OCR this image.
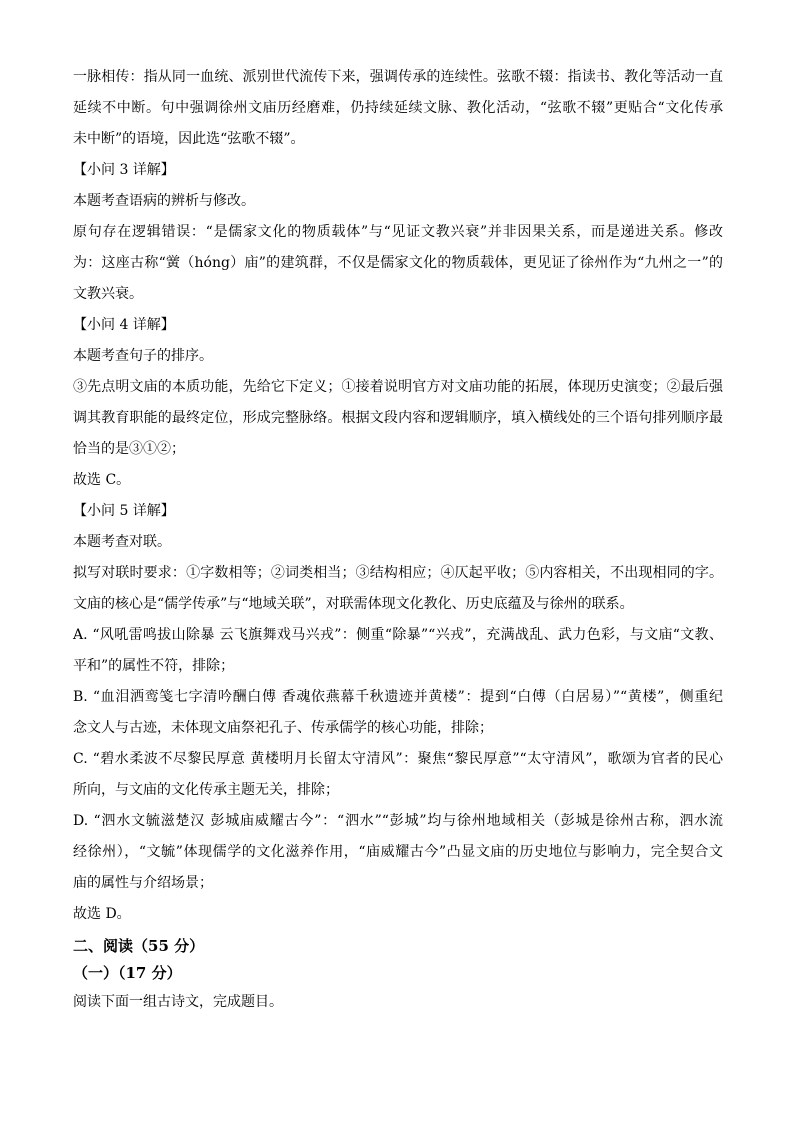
一脉相传：指从同一血统、派别世代流传下来，强调传承的连续性。弦歌不辍：指读书、教化等活动一直
延续不中断。句中强调徐州文庙历经磨难，仍持续延续文脉、教化活动，“弦歌不辍”更贴合“文化传承
未中断”的语境，因此选“弦歌不辍”。
【小问 3 详解】
本题考查语病的辨析与修改。
原句存在逻辑错误：“是儒家文化的物质载体”与“见证文教兴衰”并非因果关系，而是递进关系。修改
为：这座古称“黉（hóng）庙”的建筑群，不仅是儒家文化的物质载体，更见证了徐州作为“九州之一”的
文教兴衰。
【小问 4 详解】
本题考查句子的排序。
③先点明文庙的本质功能，先给它下定义；①接着说明官方对文庙功能的拓展，体现历史演变；②最后强
调其教育职能的最终定位，形成完整脉络。根据文段内容和逻辑顺序，填入横线处的三个语句排列顺序最
恰当的是③①②；
故选 C。
【小问 5 详解】
本题考查对联。
拟写对联时要求：①字数相等；②词类相当；③结构相应；④仄起平收；⑤内容相关，不出现相同的字。
文庙的核心是“儒学传承”与“地域关联”，对联需体现文化教化、历史底蕴及与徐州的联系。
A. “风吼雷鸣拔山除暴 云飞旗舞戏马兴戎”：侧重“除暴”“兴戎”，充满战乱、武力色彩，与文庙“文教、
平和”的属性不符，排除；
B. “血泪洒鸾笺七字清吟酬白傅 香魂依燕幕千秋遗迹并黄楼”：提到“白傅（白居易）”“黄楼”，侧重纪
念文人与古迹，未体现文庙祭祀孔子、传承儒学的核心功能，排除；
C. “碧水柔波不尽黎民厚意 黄楼明月长留太守清风”：聚焦“黎民厚意”“太守清风”，歌颂为官者的民心
所向，与文庙的文化传承主题无关，排除；
D. “泗水文毓滋楚汉 彭城庙威耀古今”：“泗水”“彭城”均与徐州地域相关（彭城是徐州古称，泗水流
经徐州），“文毓”体现儒学的文化滋养作用，“庙威耀古今”凸显文庙的历史地位与影响力，完全契合文
庙的属性与介绍场景；
故选 D。
二、阅读（55 分）
（一）（17 分）
阅读下面一组古诗文，完成题目。
